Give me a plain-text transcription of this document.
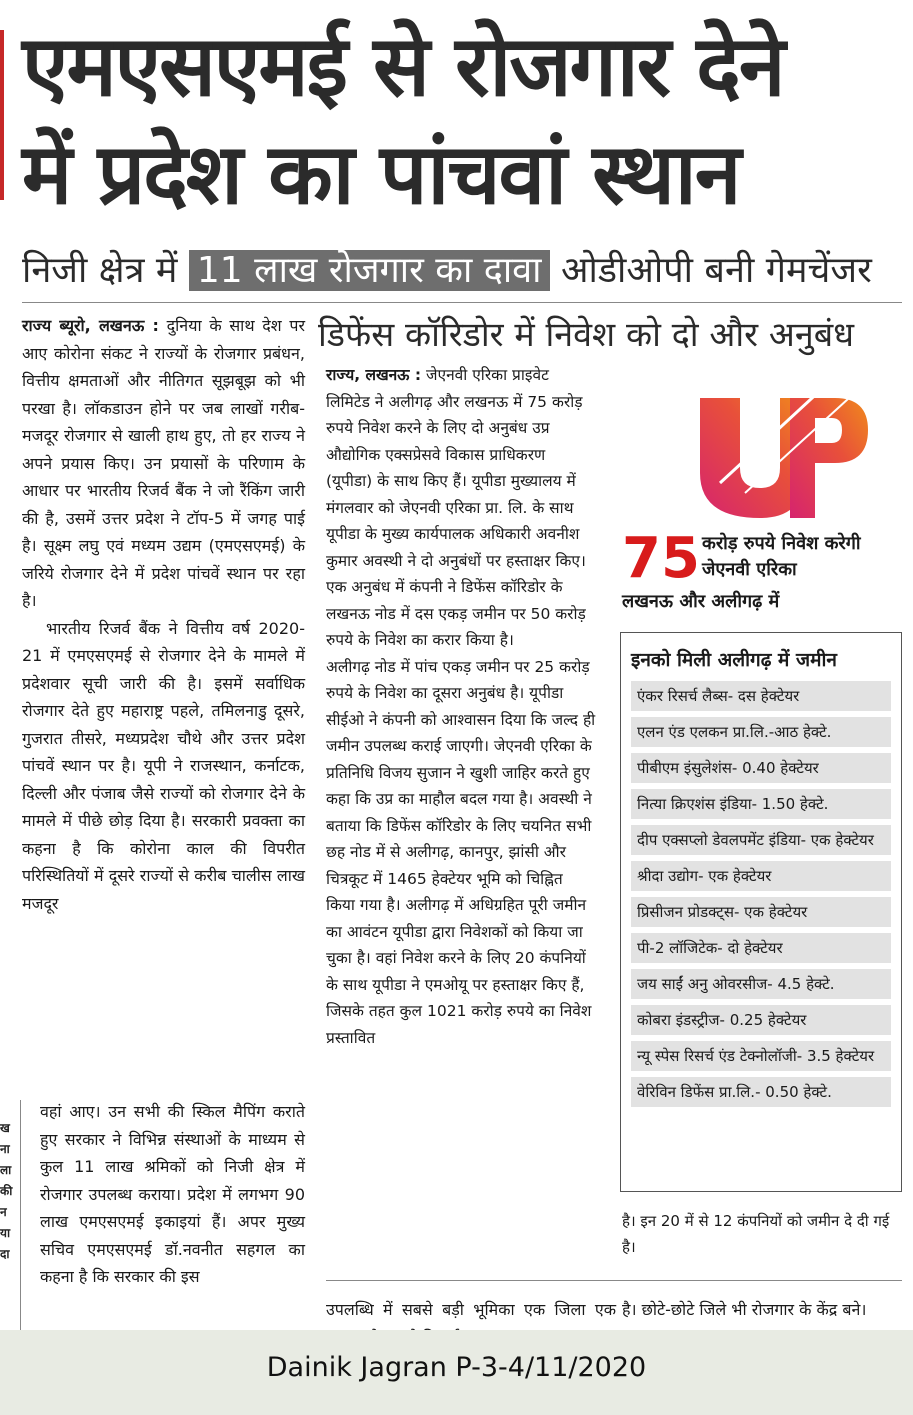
एमएसएमई से रोजगार देने
में प्रदेश का पांचवां स्थान
निजी क्षेत्र में 11 लाख रोजगार का दावा ओडीओपी बनी गेमचेंजर
राज्य ब्यूरो, लखनऊ : दुनिया के साथ देश पर आए कोरोना संकट ने राज्यों के रोजगार प्रबंधन, वित्तीय क्षमताओं और नीतिगत सूझबूझ को भी परखा है। लॉकडाउन होने पर जब लाखों गरीब-मजदूर रोजगार से खाली हाथ हुए, तो हर राज्य ने अपने प्रयास किए। उन प्रयासों के परिणाम के आधार पर भारतीय रिजर्व बैंक ने जो रैंकिंग जारी की है, उसमें उत्तर प्रदेश ने टॉप-5 में जगह पाई है। सूक्ष्म लघु एवं मध्यम उद्यम (एमएसएमई) के जरिये रोजगार देने में प्रदेश पांचवें स्थान पर रहा है।
भारतीय रिजर्व बैंक ने वित्तीय वर्ष 2020-21 में एमएसएमई से रोजगार देने के मामले में प्रदेशवार सूची जारी की है। इसमें सर्वाधिक रोजगार देते हुए महाराष्ट्र पहले, तमिलनाडु दूसरे, गुजरात तीसरे, मध्यप्रदेश चौथे और उत्तर प्रदेश पांचवें स्थान पर है। यूपी ने राजस्थान, कर्नाटक, दिल्ली और पंजाब जैसे राज्यों को रोजगार देने के मामले में पीछे छोड़ दिया है। सरकारी प्रवक्ता का कहना है कि कोरोना काल की विपरीत परिस्थितियों में दूसरे राज्यों से करीब चालीस लाख मजदूर
ख ना ला की न या दा
वहां आए। उन सभी की स्किल मैपिंग कराते हुए सरकार ने विभिन्न संस्थाओं के माध्यम से कुल 11 लाख श्रमिकों को निजी क्षेत्र में रोजगार उपलब्ध कराया। प्रदेश में लगभग 90 लाख एमएसएमई इकाइयां हैं। अपर मुख्य सचिव एमएसएमई डॉ.नवनीत सहगल का कहना है कि सरकार की इस
डिफेंस कॉरिडोर में निवेश को दो और अनुबंध
राज्य, लखनऊ : जेएनवी एरिका प्राइवेट लिमिटेड ने अलीगढ़ और लखनऊ में 75 करोड़ रुपये निवेश करने के लिए दो अनुबंध उप्र औद्योगिक एक्सप्रेसवे विकास प्राधिकरण (यूपीडा) के साथ किए हैं। यूपीडा मुख्यालय में मंगलवार को जेएनवी एरिका प्रा. लि. के साथ यूपीडा के मुख्य कार्यपालक अधिकारी अवनीश कुमार अवस्थी ने दो अनुबंधों पर हस्ताक्षर किए। एक अनुबंध में कंपनी ने डिफेंस कॉरिडोर के लखनऊ नोड में दस एकड़ जमीन पर 50 करोड़ रुपये के निवेश का करार किया है।
अलीगढ़ नोड में पांच एकड़ जमीन पर 25 करोड़ रुपये के निवेश का दूसरा अनुबंध है। यूपीडा सीईओ ने कंपनी को आश्वासन दिया कि जल्द ही जमीन उपलब्ध कराई जाएगी। जेएनवी एरिका के प्रतिनिधि विजय सुजान ने खुशी जाहिर करते हुए कहा कि उप्र का माहौल बदल गया है। अवस्थी ने बताया कि डिफेंस कॉरिडोर के लिए चयनित सभी छह नोड में से अलीगढ़, कानपुर, झांसी और चित्रकूट में 1465 हेक्टेयर भूमि को चिह्नित किया गया है। अलीगढ़ में अधिग्रहित पूरी जमीन का आवंटन यूपीडा द्वारा निवेशकों को किया जा चुका है। वहां निवेश करने के लिए 20 कंपनियों के साथ यूपीडा ने एमओयू पर हस्ताक्षर किए हैं, जिसके तहत कुल 1021 करोड़ रुपये का निवेश प्रस्तावित
75 करोड़ रुपये निवेश करेगी जेएनवी एरिका
लखनऊ और अलीगढ़ में
इनको मिली अलीगढ़ में जमीन
एंकर रिसर्च लैब्स- दस हेक्टेयर
एलन एंड एलकन प्रा.लि.-आठ हेक्टे.
पीबीएम इंसुलेशंस- 0.40 हेक्टेयर
नित्या क्रिएशंस इंडिया- 1.50 हेक्टे.
दीप एक्सप्लो डेवलपमेंट इंडिया- एक हेक्टेयर
श्रीदा उद्योग- एक हेक्टेयर
प्रिसीजन प्रोडक्ट्स- एक हेक्टेयर
पी-2 लॉजिटेक- दो हेक्टेयर
जय साईं अनु ओवरसीज- 4.5 हेक्टे.
कोबरा इंडस्ट्रीज- 0.25 हेक्टेयर
न्यू स्पेस रिसर्च एंड टेक्नोलॉजी- 3.5 हेक्टेयर
वेरिविन डिफेंस प्रा.लि.- 0.50 हेक्टे.
है। इन 20 में से 12 कंपनियों को जमीन दे दी गई है।
उपलब्धि में सबसे बड़ी भूमिका एक जिला एक है। छोटे-छोटे जिले भी रोजगार के केंद्र बने।
Dainik Jagran P-3-4/11/2020
